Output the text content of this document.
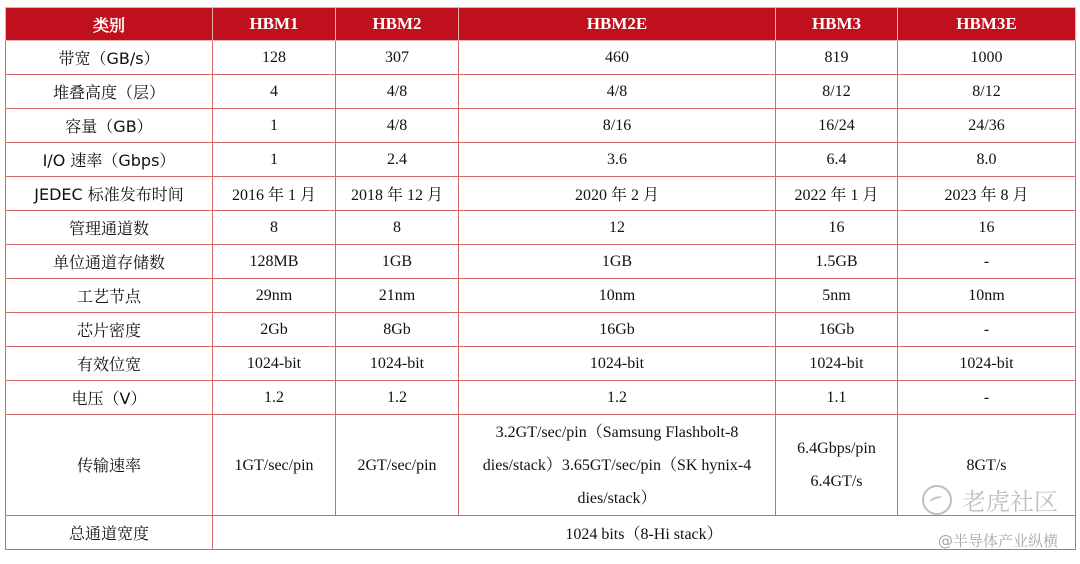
类别	HBM1	HBM2	HBM2E	HBM3	HBM3E
带宽（GB/s）	128	307	460	819	1000
堆叠高度（层）	4	4/8	4/8	8/12	8/12
容量（GB）	1	4/8	8/16	16/24	24/36
I/O 速率（Gbps）	1	2.4	3.6	6.4	8.0
JEDEC 标准发布时间	2016 年 1 月	2018 年 12 月	2020 年 2 月	2022 年 1 月	2023 年 8 月
管理通道数	8	8	12	16	16
单位通道存储数	128MB	1GB	1GB	1.5GB	-
工艺节点	29nm	21nm	10nm	5nm	10nm
芯片密度	2Gb	8Gb	16Gb	16Gb	-
有效位宽	1024-bit	1024-bit	1024-bit	1024-bit	1024-bit
电压（V）	1.2	1.2	1.2	1.1	-
传输速率	1GT/sec/pin	2GT/sec/pin	3.2GT/sec/pin（Samsung Flashbolt-8 dies/stack）3.65GT/sec/pin（SK hynix-4 dies/stack）	6.4Gbps/pin 6.4GT/s	8GT/s
总通道宽度	1024 bits（8-Hi stack）				
老虎社区
@半导体产业纵横
